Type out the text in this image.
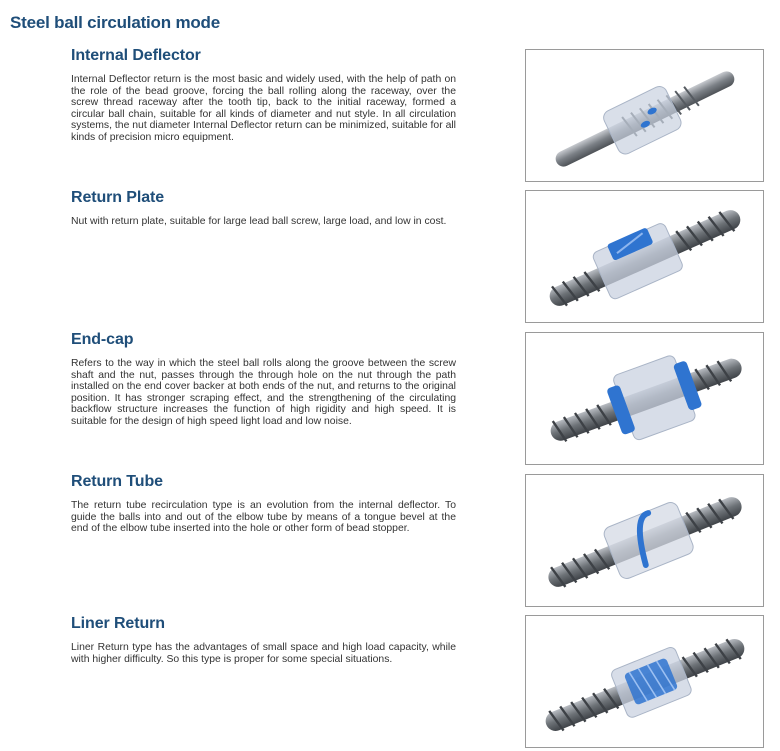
Steel ball circulation mode
Internal Deflector

Internal Deflector return is the most basic and widely used, with the help of path on the role of the bead groove, forcing the ball rolling along the raceway, over the screw thread raceway after the tooth tip, back to the initial raceway, formed a circular ball chain, suitable for all kinds of diameter and nut style. In all circulation systems, the nut diameter Internal Deflector return can be minimized, suitable for all kinds of precision micro equipment.

Return Plate

Nut with return plate, suitable for large lead ball screw, large load, and low in cost.

End-cap

Refers to the way in which the steel ball rolls along the groove between the screw shaft and the nut, passes through the through hole on the nut through the path installed on the end cover backer at both ends of the nut, and returns to the original position. It has stronger scraping effect, and the strengthening of the circulating backflow structure increases the function of high rigidity and high speed. It is suitable for the design of high speed light load and low noise.

Return Tube

The return tube recirculation type is an evolution from the internal deflector. To guide the balls into and out of the elbow tube by means of a tongue bevel at the end of the elbow tube inserted into the hole or other form of bead stopper.

Liner Return

Liner Return type has the advantages of small space and high load capacity, while with higher difficulty. So this type is proper for some special situations.
